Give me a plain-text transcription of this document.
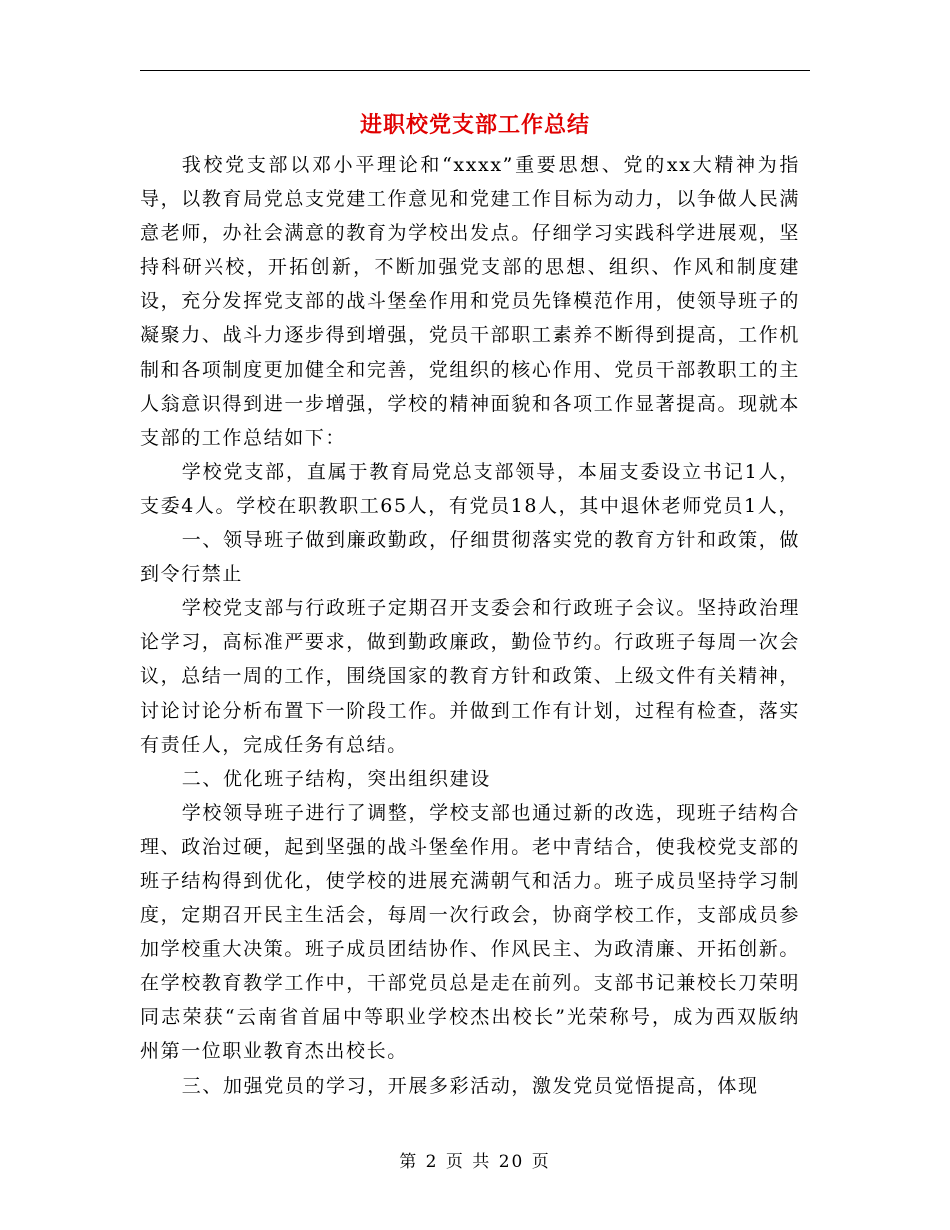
进职校党支部工作总结

我校党支部以邓小平理论和“xxxx”重要思想、党的xx大精神为指导，以教育局党总支党建工作意见和党建工作目标为动力，以争做人民满意老师，办社会满意的教育为学校出发点。仔细学习实践科学进展观，坚持科研兴校，开拓创新，不断加强党支部的思想、组织、作风和制度建设，充分发挥党支部的战斗堡垒作用和党员先锋模范作用，使领导班子的凝聚力、战斗力逐步得到增强，党员干部职工素养不断得到提高，工作机制和各项制度更加健全和完善，党组织的核心作用、党员干部教职工的主人翁意识得到进一步增强，学校的精神面貌和各项工作显著提高。现就本支部的工作总结如下：

学校党支部，直属于教育局党总支部领导，本届支委设立书记1人，支委4人。学校在职教职工65人，有党员18人，其中退休老师党员1人，

一、领导班子做到廉政勤政，仔细贯彻落实党的教育方针和政策，做到令行禁止

学校党支部与行政班子定期召开支委会和行政班子会议。坚持政治理论学习，高标准严要求，做到勤政廉政，勤俭节约。行政班子每周一次会议，总结一周的工作，围绕国家的教育方针和政策、上级文件有关精神，讨论讨论分析布置下一阶段工作。并做到工作有计划，过程有检查，落实有责任人，完成任务有总结。

二、优化班子结构，突出组织建设

学校领导班子进行了调整，学校支部也通过新的改选，现班子结构合理、政治过硬，起到坚强的战斗堡垒作用。老中青结合，使我校党支部的班子结构得到优化，使学校的进展充满朝气和活力。班子成员坚持学习制度，定期召开民主生活会，每周一次行政会，协商学校工作，支部成员参加学校重大决策。班子成员团结协作、作风民主、为政清廉、开拓创新。在学校教育教学工作中，干部党员总是走在前列。支部书记兼校长刀荣明同志荣获“云南省首届中等职业学校杰出校长”光荣称号，成为西双版纳州第一位职业教育杰出校长。

三、加强党员的学习，开展多彩活动，激发党员觉悟提高，体现

第 2 页 共 20 页
